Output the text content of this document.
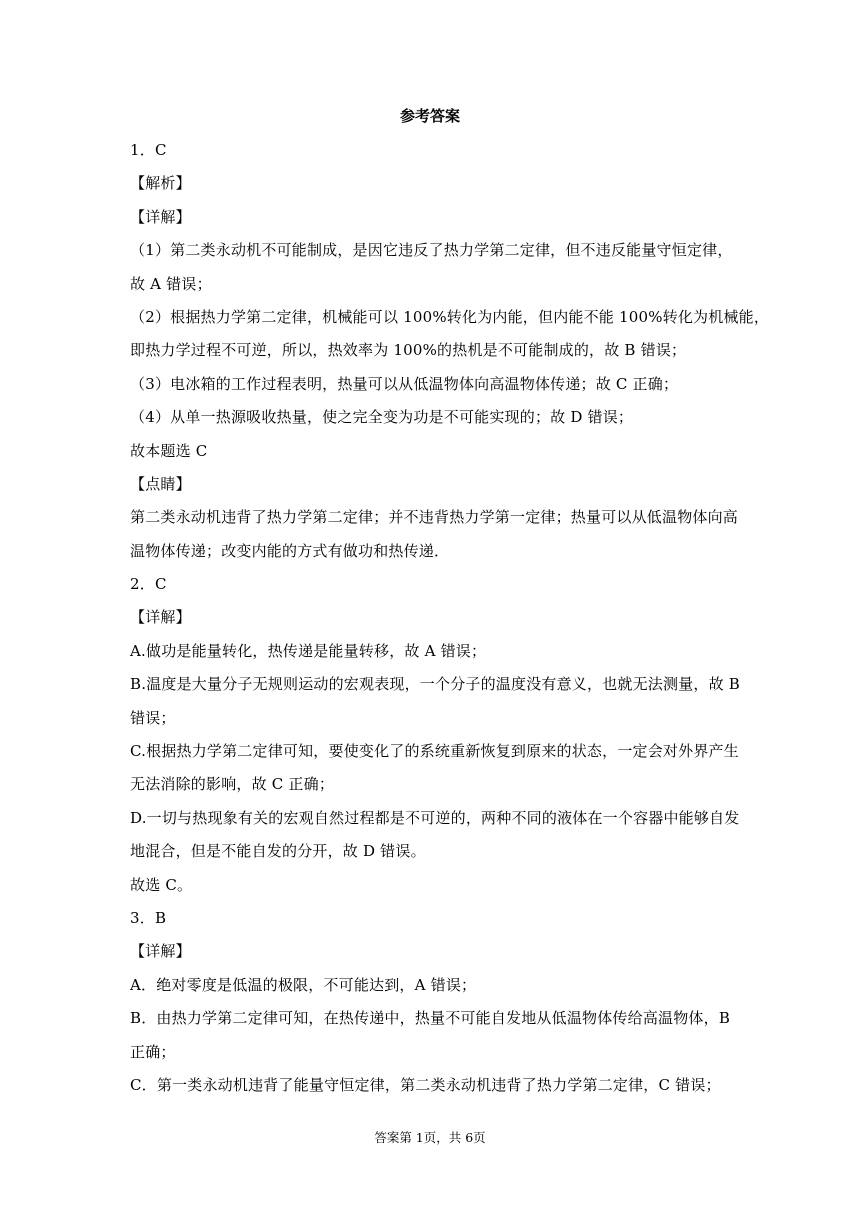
参考答案
1．C
【解析】
【详解】
（1）第二类永动机不可能制成，是因它违反了热力学第二定律，但不违反能量守恒定律，
故 A 错误；
（2）根据热力学第二定律，机械能可以 100%转化为内能，但内能不能 100%转化为机械能，
即热力学过程不可逆，所以，热效率为 100%的热机是不可能制成的，故 B 错误；
（3）电冰箱的工作过程表明，热量可以从低温物体向高温物体传递；故 C 正确；
（4）从单一热源吸收热量，使之完全变为功是不可能实现的；故 D 错误；
故本题选 C
【点睛】
第二类永动机违背了热力学第二定律；并不违背热力学第一定律；热量可以从低温物体向高
温物体传递；改变内能的方式有做功和热传递．
2．C
【详解】
A.做功是能量转化，热传递是能量转移，故 A 错误；
B.温度是大量分子无规则运动的宏观表现，一个分子的温度没有意义，也就无法测量，故 B
错误；
C.根据热力学第二定律可知，要使变化了的系统重新恢复到原来的状态，一定会对外界产生
无法消除的影响，故 C 正确；
D.一切与热现象有关的宏观自然过程都是不可逆的，两种不同的液体在一个容器中能够自发
地混合，但是不能自发的分开，故 D 错误。
故选 C。
3．B
【详解】
A．绝对零度是低温的极限，不可能达到，A 错误；
B．由热力学第二定律可知，在热传递中，热量不可能自发地从低温物体传给高温物体，B
正确；
C．第一类永动机违背了能量守恒定律，第二类永动机违背了热力学第二定律，C 错误；
答案第 1页，共 6页
